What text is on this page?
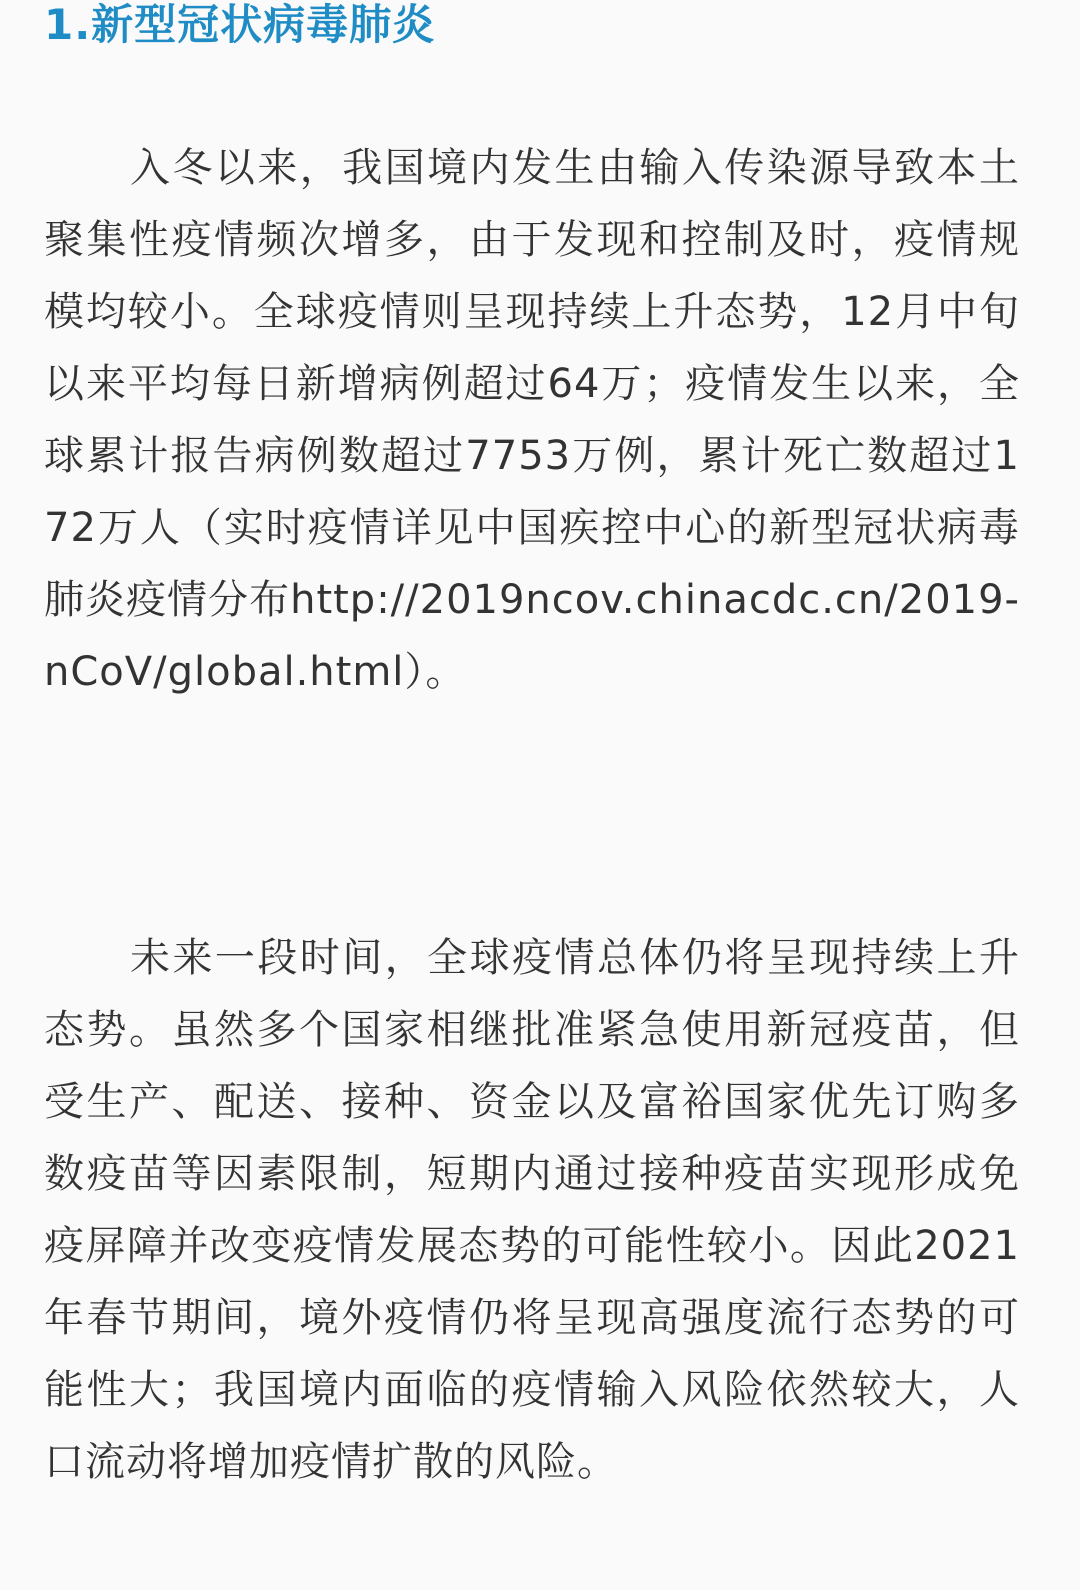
1.新型冠状病毒肺炎

入冬以来，我国境内发生由输入传染源导致本土聚集性疫情频次增多，由于发现和控制及时，疫情规模均较小。全球疫情则呈现持续上升态势，12月中旬以来平均每日新增病例超过64万；疫情发生以来，全球累计报告病例数超过7753万例，累计死亡数超过172万人（实时疫情详见中国疾控中心的新型冠状病毒肺炎疫情分布http://2019ncov.chinacdc.cn/2019-nCoV/global.html）。

未来一段时间，全球疫情总体仍将呈现持续上升态势。虽然多个国家相继批准紧急使用新冠疫苗，但受生产、配送、接种、资金以及富裕国家优先订购多数疫苗等因素限制，短期内通过接种疫苗实现形成免疫屏障并改变疫情发展态势的可能性较小。因此2021年春节期间，境外疫情仍将呈现高强度流行态势的可能性大；我国境内面临的疫情输入风险依然较大，人口流动将增加疫情扩散的风险。
